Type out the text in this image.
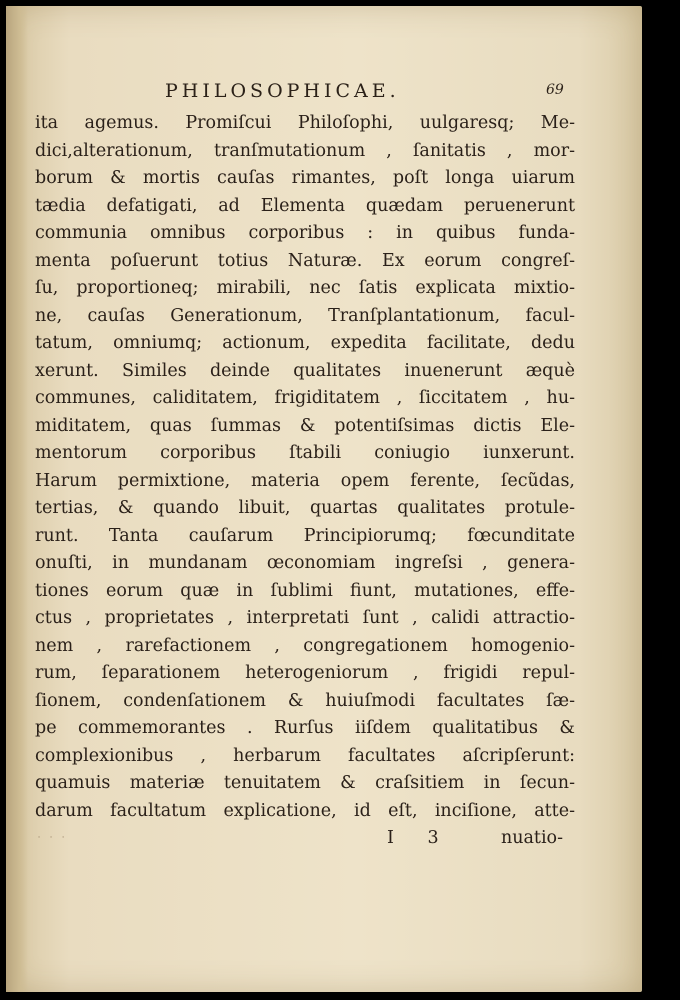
PHILOSOPHICAE.	69
ita agemus. Promiſcui Philoſophi, uulgaresq; Me-
dici,alterationum, tranſmutationum , ſanitatis , mor-
borum & mortis cauſas rimantes, poſt longa uiarum
tædia defatigati, ad Elementa quædam peruenerunt
communia omnibus corporibus : in quibus funda-
menta poſuerunt totius Naturæ. Ex eorum congreſ-
ſu, proportioneq; mirabili, nec ſatis explicata mixtio-
ne, cauſas Generationum, Tranſplantationum, facul-
tatum, omniumq; actionum, expedita facilitate, dedu
xerunt. Similes deinde qualitates inuenerunt æquè
communes, caliditatem, frigiditatem , ſiccitatem , hu-
miditatem, quas ſummas & potentiſsimas dictis Ele-
mentorum corporibus ſtabili coniugio iunxerunt.
Harum permixtione, materia opem ferente, ſecũdas,
tertias, & quando libuit, quartas qualitates protule-
runt. Tanta cauſarum Principiorumq; fœcunditate
onuſti, in mundanam œconomiam ingreſsi , genera-
tiones eorum quæ in ſublimi fiunt, mutationes, effe-
ctus , proprietates , interpretati ſunt , calidi attractio-
nem , rarefactionem , congregationem homogenio-
rum, ſeparationem heterogeniorum , frigidi repul-
ſionem, condenſationem & huiuſmodi facultates ſæ-
pe commemorantes . Rurſus iiſdem qualitatibus &
complexionibus , herbarum facultates aſcripſerunt:
quamuis materiæ tenuitatem & craſsitiem in ſecun-
darum facultatum explicatione, id eſt, inciſione, atte-
ᐧ ᐧ ᐧ	I 3	nuatio-
